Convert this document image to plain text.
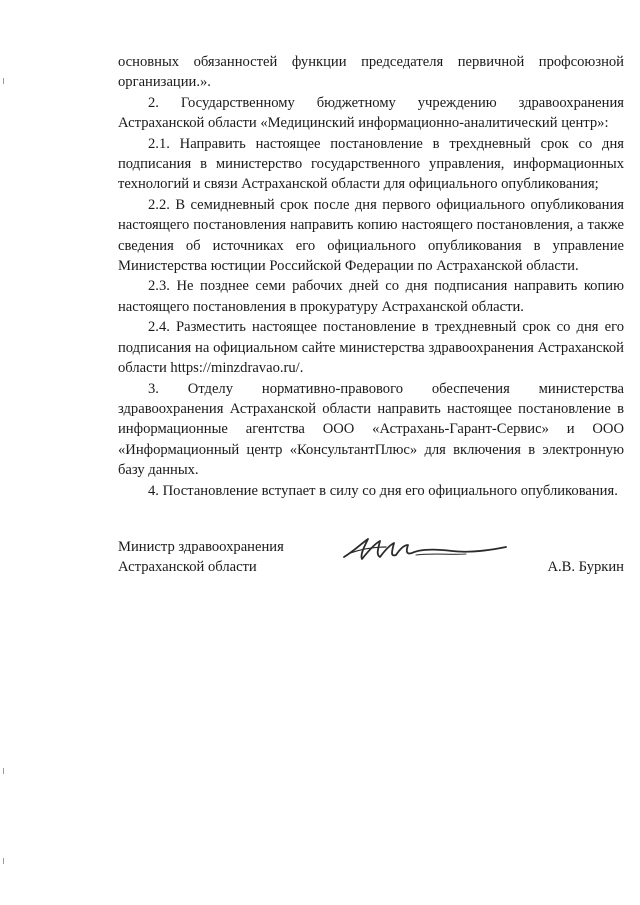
основных обязанностей функции председателя первичной профсоюзной организации.».

2. Государственному бюджетному учреждению здравоохранения Астраханской области «Медицинский информационно-аналитический центр»:

2.1. Направить настоящее постановление в трехдневный срок со дня подписания в министерство государственного управления, информационных технологий и связи Астраханской области для официального опубликования;

2.2. В семидневный срок после дня первого официального опубликования настоящего постановления направить копию настоящего постановления, а также сведения об источниках его официального опубликования в управление Министерства юстиции Российской Федерации по Астраханской области.

2.3. Не позднее семи рабочих дней со дня подписания направить копию настоящего постановления в прокуратуру Астраханской области.

2.4. Разместить настоящее постановление в трехдневный срок со дня его подписания на официальном сайте министерства здравоохранения Астраханской области https://minzdravao.ru/.

3. Отделу нормативно-правового обеспечения министерства здравоохранения Астраханской области направить настоящее постановление в информационные агентства ООО «Астрахань-Гарант-Сервис» и ООО «Информационный центр «КонсультантПлюс» для включения в электронную базу данных.

4. Постановление вступает в силу со дня его официального опубликования.

Министр здравоохранения
Астраханской области	А.В. Буркин
